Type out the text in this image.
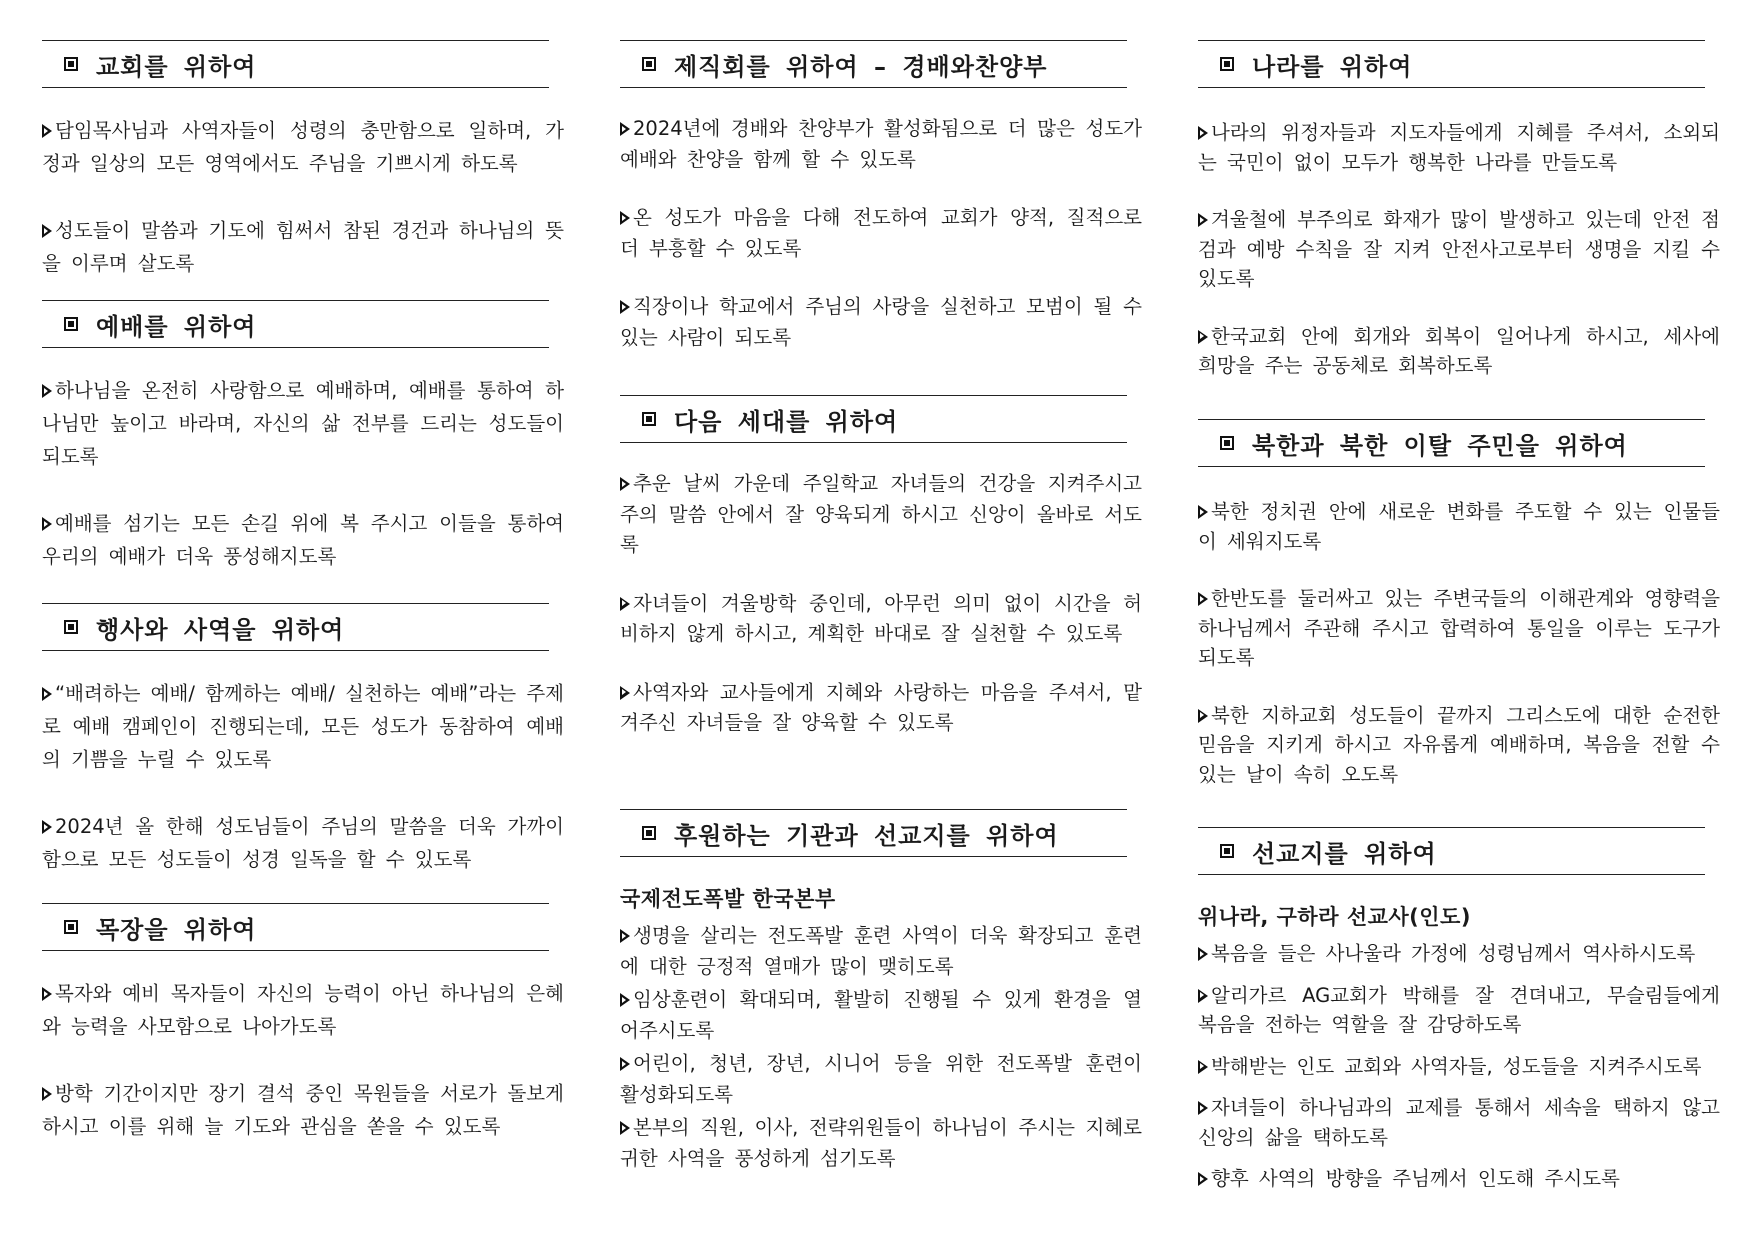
교회를 위하여
담임목사님과 사역자들이 성령의 충만함으로 일하며, 가정과 일상의 모든 영역에서도 주님을 기쁘시게 하도록
성도들이 말씀과 기도에 힘써서 참된 경건과 하나님의 뜻을 이루며 살도록
예배를 위하여
하나님을 온전히 사랑함으로 예배하며, 예배를 통하여 하나님만 높이고 바라며, 자신의 삶 전부를 드리는 성도들이 되도록
예배를 섬기는 모든 손길 위에 복 주시고 이들을 통하여 우리의 예배가 더욱 풍성해지도록
행사와 사역을 위하여
“배려하는 예배/ 함께하는 예배/ 실천하는 예배”라는 주제로 예배 캠페인이 진행되는데, 모든 성도가 동참하여 예배의 기쁨을 누릴 수 있도록
2024년 올 한해 성도님들이 주님의 말씀을 더욱 가까이함으로 모든 성도들이 성경 일독을 할 수 있도록
목장을 위하여
목자와 예비 목자들이 자신의 능력이 아닌 하나님의 은혜와 능력을 사모함으로 나아가도록
방학 기간이지만 장기 결석 중인 목원들을 서로가 돌보게 하시고 이를 위해 늘 기도와 관심을 쏟을 수 있도록
제직회를 위하여 – 경배와찬양부
2024년에 경배와 찬양부가 활성화됨으로 더 많은 성도가 예배와 찬양을 함께 할 수 있도록
온 성도가 마음을 다해 전도하여 교회가 양적, 질적으로 더 부흥할 수 있도록
직장이나 학교에서 주님의 사랑을 실천하고 모범이 될 수 있는 사람이 되도록
다음 세대를 위하여
추운 날씨 가운데 주일학교 자녀들의 건강을 지켜주시고 주의 말씀 안에서 잘 양육되게 하시고 신앙이 올바로 서도록
자녀들이 겨울방학 중인데, 아무런 의미 없이 시간을 허비하지 않게 하시고, 계획한 바대로 잘 실천할 수 있도록
사역자와 교사들에게 지혜와 사랑하는 마음을 주셔서, 맡겨주신 자녀들을 잘 양육할 수 있도록
후원하는 기관과 선교지를 위하여
국제전도폭발 한국본부
생명을 살리는 전도폭발 훈련 사역이 더욱 확장되고 훈련에 대한 긍정적 열매가 많이 맺히도록
임상훈련이 확대되며, 활발히 진행될 수 있게 환경을 열어주시도록
어린이, 청년, 장년, 시니어 등을 위한 전도폭발 훈련이 활성화되도록
본부의 직원, 이사, 전략위원들이 하나님이 주시는 지혜로 귀한 사역을 풍성하게 섬기도록
나라를 위하여
나라의 위정자들과 지도자들에게 지혜를 주셔서, 소외되는 국민이 없이 모두가 행복한 나라를 만들도록
겨울철에 부주의로 화재가 많이 발생하고 있는데 안전 점검과 예방 수칙을 잘 지켜 안전사고로부터 생명을 지킬 수 있도록
한국교회 안에 회개와 회복이 일어나게 하시고, 세사에 희망을 주는 공동체로 회복하도록
북한과 북한 이탈 주민을 위하여
북한 정치권 안에 새로운 변화를 주도할 수 있는 인물들이 세워지도록
한반도를 둘러싸고 있는 주변국들의 이해관계와 영향력을 하나님께서 주관해 주시고 합력하여 통일을 이루는 도구가 되도록
북한 지하교회 성도들이 끝까지 그리스도에 대한 순전한 믿음을 지키게 하시고 자유롭게 예배하며, 복음을 전할 수 있는 날이 속히 오도록
선교지를 위하여
위나라, 구하라 선교사(인도)
복음을 들은 사나울라 가정에 성령님께서 역사하시도록
알리가르 AG교회가 박해를 잘 견뎌내고, 무슬림들에게 복음을 전하는 역할을 잘 감당하도록
박해받는 인도 교회와 사역자들, 성도들을 지켜주시도록
자녀들이 하나님과의 교제를 통해서 세속을 택하지 않고 신앙의 삶을 택하도록
향후 사역의 방향을 주님께서 인도해 주시도록
